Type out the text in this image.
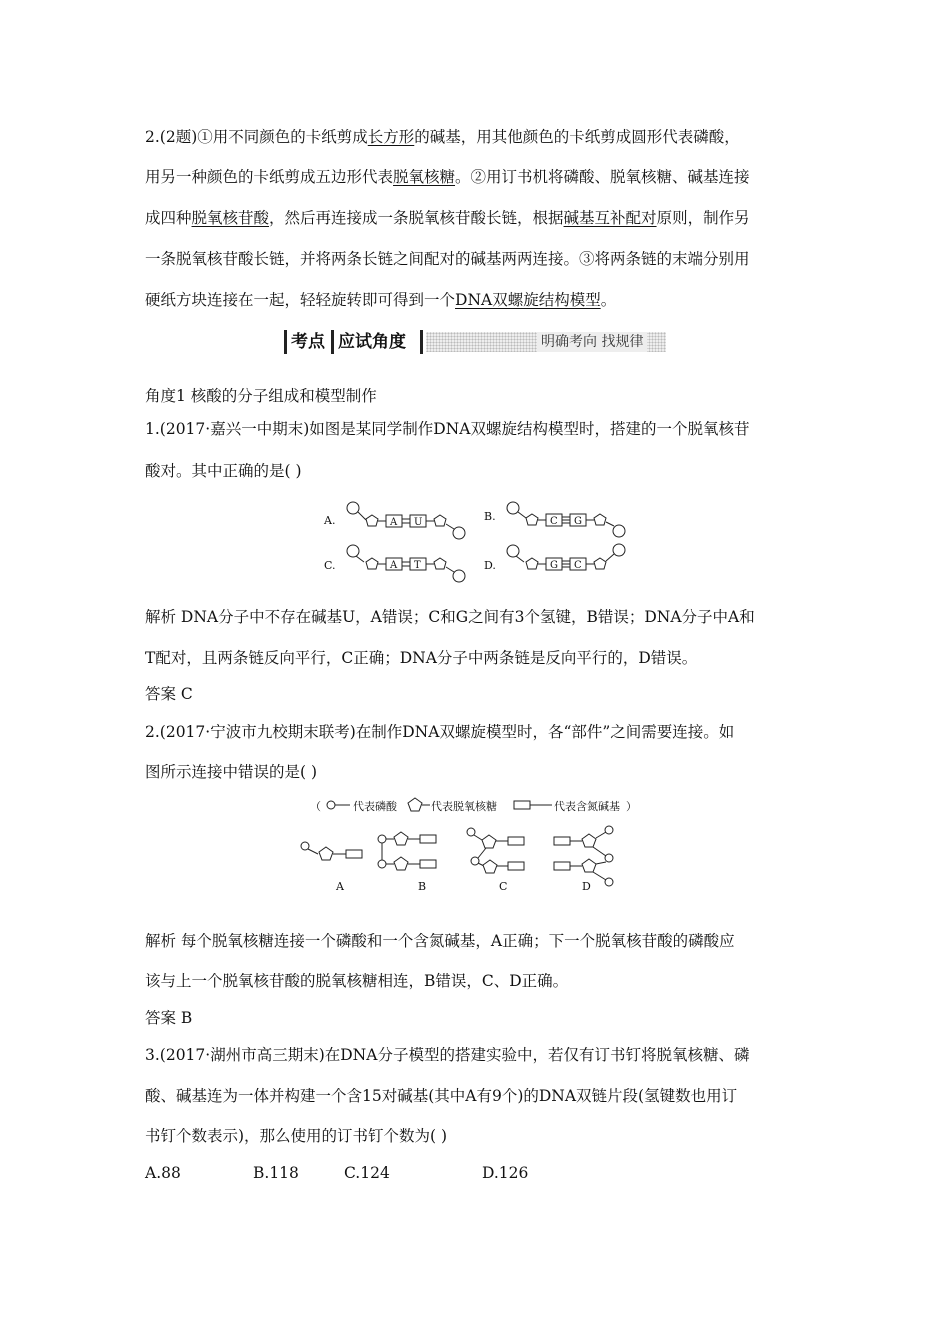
2.(2题)①用不同颜色的卡纸剪成长方形的碱基，用其他颜色的卡纸剪成圆形代表磷酸，
用另一种颜色的卡纸剪成五边形代表脱氧核糖。②用订书机将磷酸、脱氧核糖、碱基连接
成四种脱氧核苷酸，然后再连接成一条脱氧核苷酸长链，根据碱基互补配对原则，制作另
一条脱氧核苷酸长链，并将两条长链之间配对的碱基两两连接。③将两条链的末端分别用
硬纸方块连接在一起，轻轻旋转即可得到一个DNA双螺旋结构模型。
考点 应试角度	明确考向 找规律
角度1 核酸的分子组成和模型制作
1.(2017·嘉兴一中期末)如图是某同学制作DNA双螺旋结构模型时，搭建的一个脱氧核苷
酸对。其中正确的是( )
A.	A U	B.	C G
C.	A T	D.	G C
解析 DNA分子中不存在碱基U，A错误；C和G之间有3个氢键，B错误；DNA分子中A和
T配对，且两条链反向平行，C正确；DNA分子中两条链是反向平行的，D错误。
答案 C
2.(2017·宁波市九校期末联考)在制作DNA双螺旋模型时，各“部件”之间需要连接。如
图所示连接中错误的是( )
（	代表磷酸	代表脱氧核糖	代表含氮碱基 ）
A	B	C	D
解析 每个脱氧核糖连接一个磷酸和一个含氮碱基，A正确；下一个脱氧核苷酸的磷酸应
该与上一个脱氧核苷酸的脱氧核糖相连，B错误，C、D正确。
答案 B
3.(2017·湖州市高三期末)在DNA分子模型的搭建实验中，若仅有订书钉将脱氧核糖、磷
酸、碱基连为一体并构建一个含15对碱基(其中A有9个)的DNA双链片段(氢键数也用订
书钉个数表示)，那么使用的订书钉个数为( )
A.88	B.118	C.124	D.126
